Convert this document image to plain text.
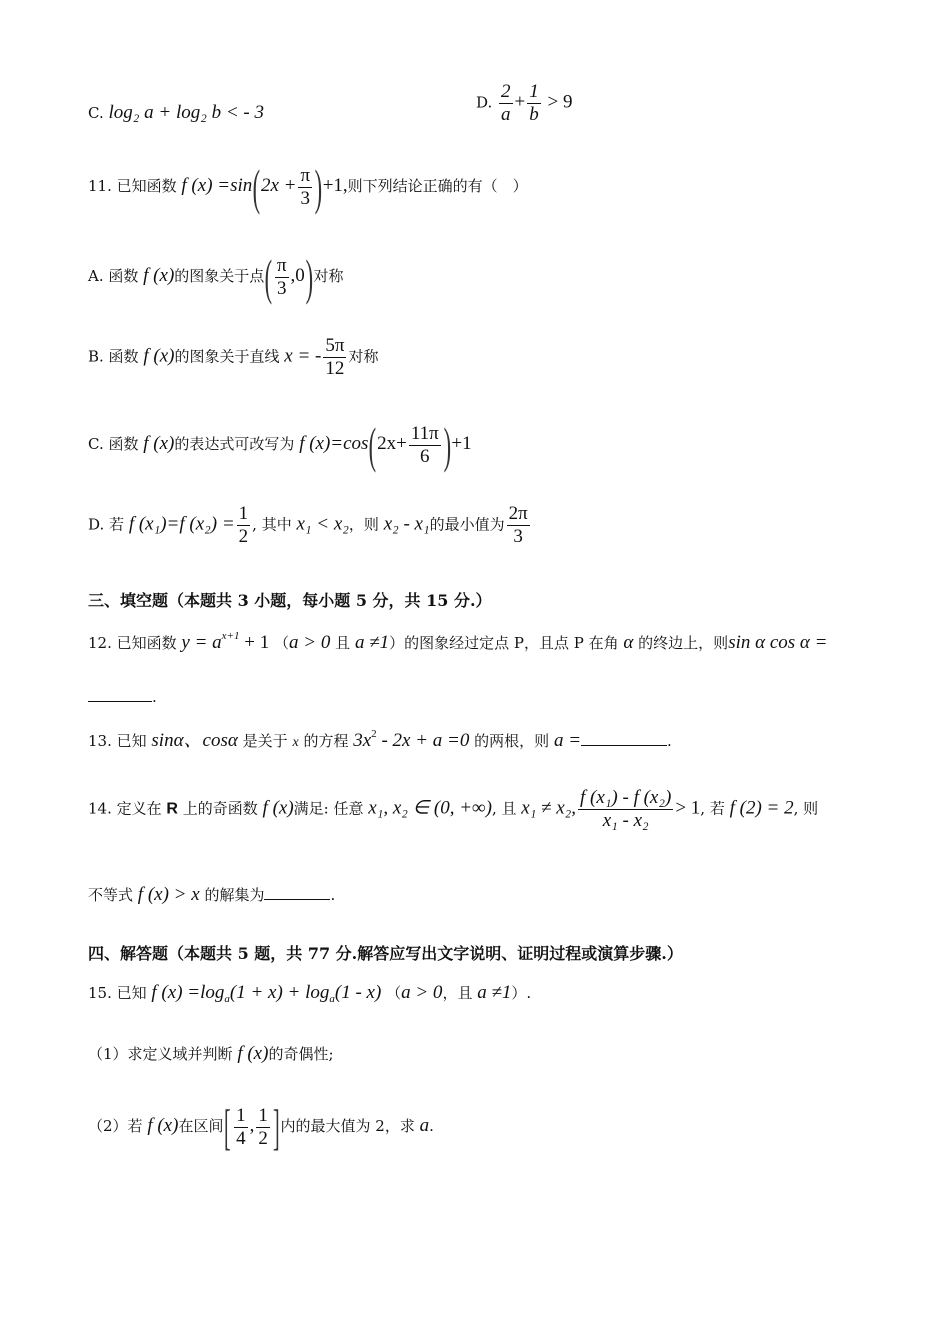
C. log₂ a + log₂ b < - 3	D. $\frac{2}{a} + \frac{1}{b} > 9$
11. 已知函数 f $(x) =\sin(2x + \frac{\pi}{3} )+1$,则下列结论正确的有（　）
A. 函数 f (x)的图象关于点( $\frac{\pi}{3} ,0$)对称
B. 函数 f (x)的图象关于直线 x = - $\frac{5\pi}{12}$ 对称
C. 函数 f (x)的表达式可改写为 f $(x)=\cos(2x+ \frac{11\pi}{6} )+1$
D. 若 f (x₁)=f $(x_2) = \frac{1}{2}$ , 其中 x₁ < x₂，则 x₂ - x₁的最小值为 $\frac{2\pi}{3}$
三、填空题（本题共 3 小题，每小题 5 分，共 15 分.）
12. 已知函数 $y = a^{x+1} + 1$ （a > 0 且 a ≠1）的图象经过定点 P，且点 P 在角 α 的终边上，则sin α cos α =
.
13. 已知 sinα、cosα 是关于 x 的方程 $3x^2 - 2x + a =0$ 的两根，则 a =	.
14. 定义在 R 上的奇函数 f (x)满足: 任意 x₁, x₂ ∈ (0, +∞), 且 x₁ ≠ x₂, $\frac{\text{f (x₁) - f (x₂)}}{\text{x₁ - x₂}} > 1$, 若 f (2) = 2, 则
不等式 f (x) > x 的解集为	.
四、解答题（本题共 5 题，共 77 分.解答应写出文字说明、证明过程或演算步骤.）
15. 已知 f $(x) =\log_a(1 + x) + \log_a(1 - x) (a > 0$，且 a ≠1）.
（1）求定义域并判断 f (x)的奇偶性;
（2）若 f (x)在区间[ $\frac{1}{4}$ , $\frac{1}{2}$ ]内的最大值为 2，求 a.
